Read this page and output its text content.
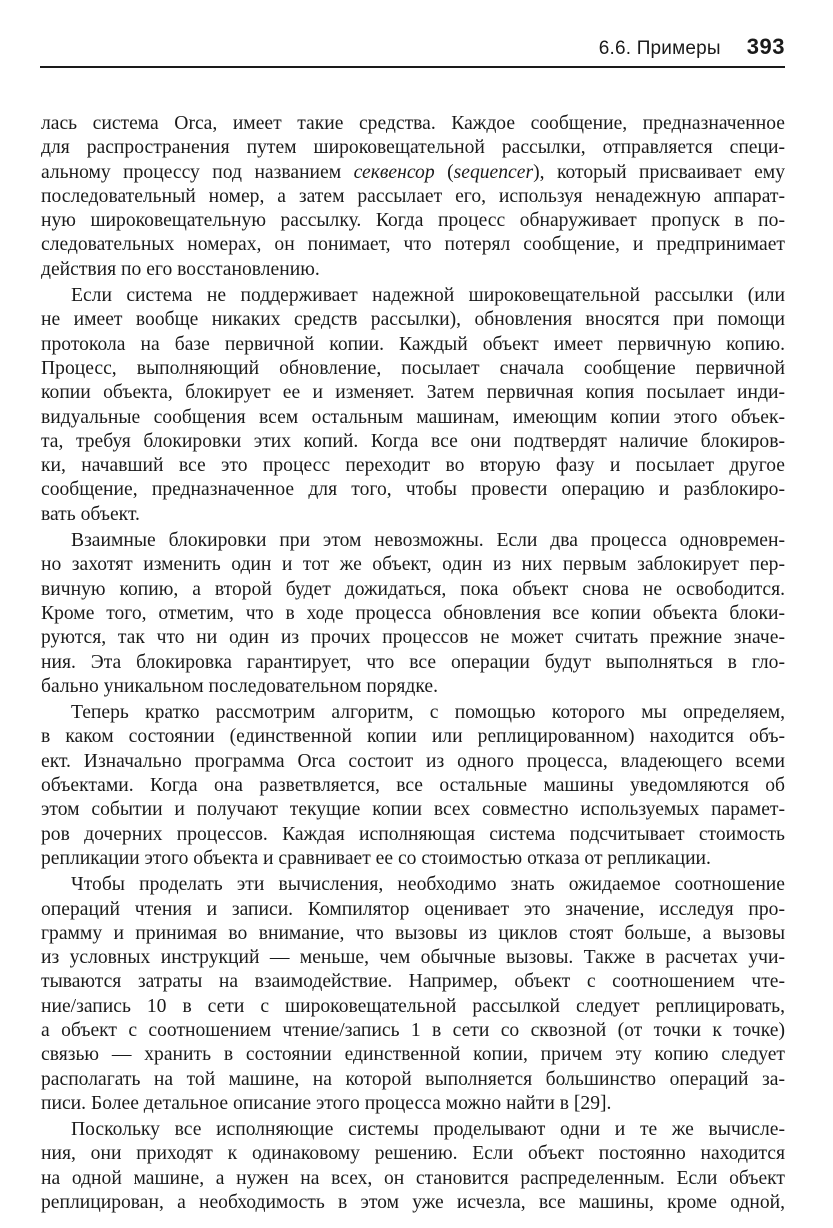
6.6. Примеры 393
лась система Orca, имеет такие средства. Каждое сообщение, предназначенное
для распространения путем широковещательной рассылки, отправляется специ-
альному процессу под названием секвенсор (sequencer), который присваивает ему
последовательный номер, а затем рассылает его, используя ненадежную аппарат-
ную широковещательную рассылку. Когда процесс обнаруживает пропуск в по-
следовательных номерах, он понимает, что потерял сообщение, и предпринимает
действия по его восстановлению.
Если система не поддерживает надежной широковещательной рассылки (или
не имеет вообще никаких средств рассылки), обновления вносятся при помощи
протокола на базе первичной копии. Каждый объект имеет первичную копию.
Процесс, выполняющий обновление, посылает сначала сообщение первичной
копии объекта, блокирует ее и изменяет. Затем первичная копия посылает инди-
видуальные сообщения всем остальным машинам, имеющим копии этого объек-
та, требуя блокировки этих копий. Когда все они подтвердят наличие блокиров-
ки, начавший все это процесс переходит во вторую фазу и посылает другое
сообщение, предназначенное для того, чтобы провести операцию и разблокиро-
вать объект.
Взаимные блокировки при этом невозможны. Если два процесса одновремен-
но захотят изменить один и тот же объект, один из них первым заблокирует пер-
вичную копию, а второй будет дожидаться, пока объект снова не освободится.
Кроме того, отметим, что в ходе процесса обновления все копии объекта блоки-
руются, так что ни один из прочих процессов не может считать прежние значе-
ния. Эта блокировка гарантирует, что все операции будут выполняться в гло-
бально уникальном последовательном порядке.
Теперь кратко рассмотрим алгоритм, с помощью которого мы определяем,
в каком состоянии (единственной копии или реплицированном) находится объ-
ект. Изначально программа Orca состоит из одного процесса, владеющего всеми
объектами. Когда она разветвляется, все остальные машины уведомляются об
этом событии и получают текущие копии всех совместно используемых парамет-
ров дочерних процессов. Каждая исполняющая система подсчитывает стоимость
репликации этого объекта и сравнивает ее со стоимостью отказа от репликации.
Чтобы проделать эти вычисления, необходимо знать ожидаемое соотношение
операций чтения и записи. Компилятор оценивает это значение, исследуя про-
грамму и принимая во внимание, что вызовы из циклов стоят больше, а вызовы
из условных инструкций — меньше, чем обычные вызовы. Также в расчетах учи-
тываются затраты на взаимодействие. Например, объект с соотношением чте-
ние/запись 10 в сети с широковещательной рассылкой следует реплицировать,
а объект с соотношением чтение/запись 1 в сети со сквозной (от точки к точке)
связью — хранить в состоянии единственной копии, причем эту копию следует
располагать на той машине, на которой выполняется большинство операций за-
писи. Более детальное описание этого процесса можно найти в [29].
Поскольку все исполняющие системы проделывают одни и те же вычисле-
ния, они приходят к одинаковому решению. Если объект постоянно находится
на одной машине, а нужен на всех, он становится распределенным. Если объект
реплицирован, а необходимость в этом уже исчезла, все машины, кроме одной,
